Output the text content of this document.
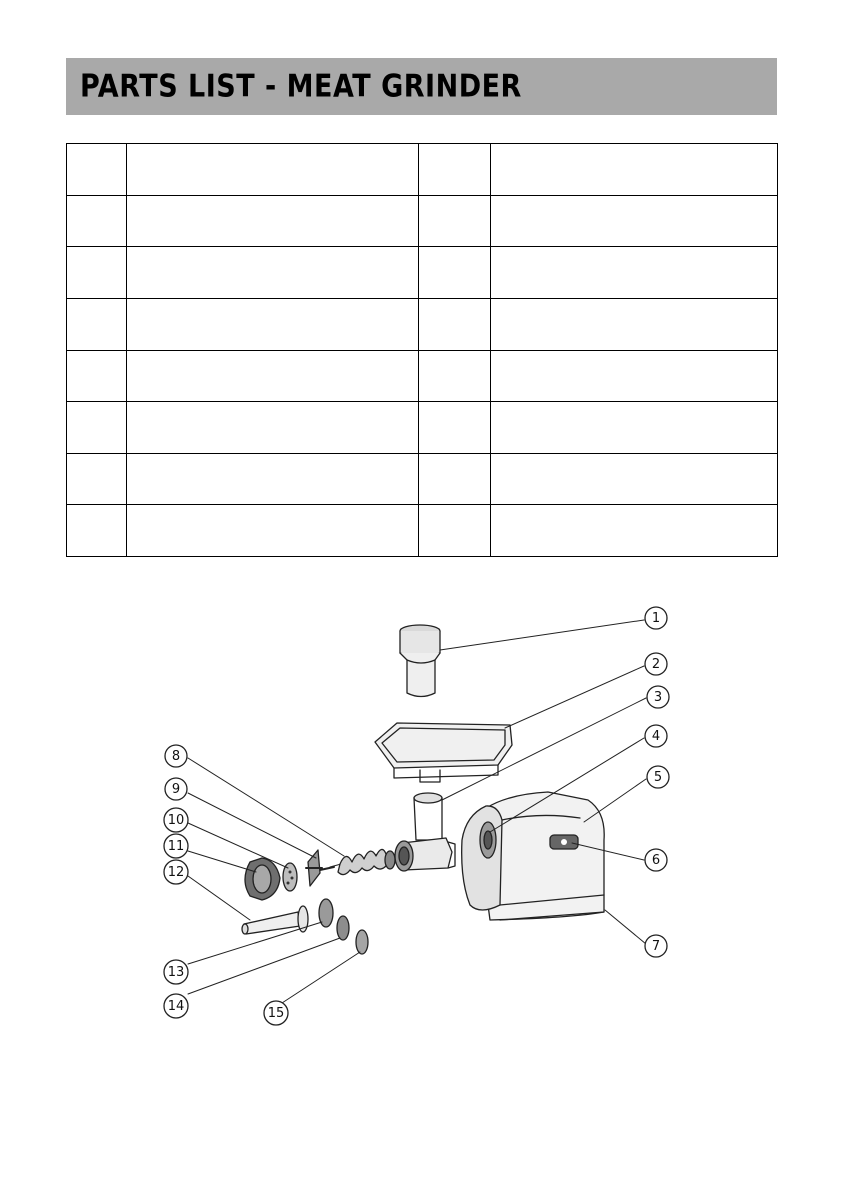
PARTS LIST - MEAT GRINDER

1
2
3
4
5
6
7
8
9
10
11
12
13
14	15
